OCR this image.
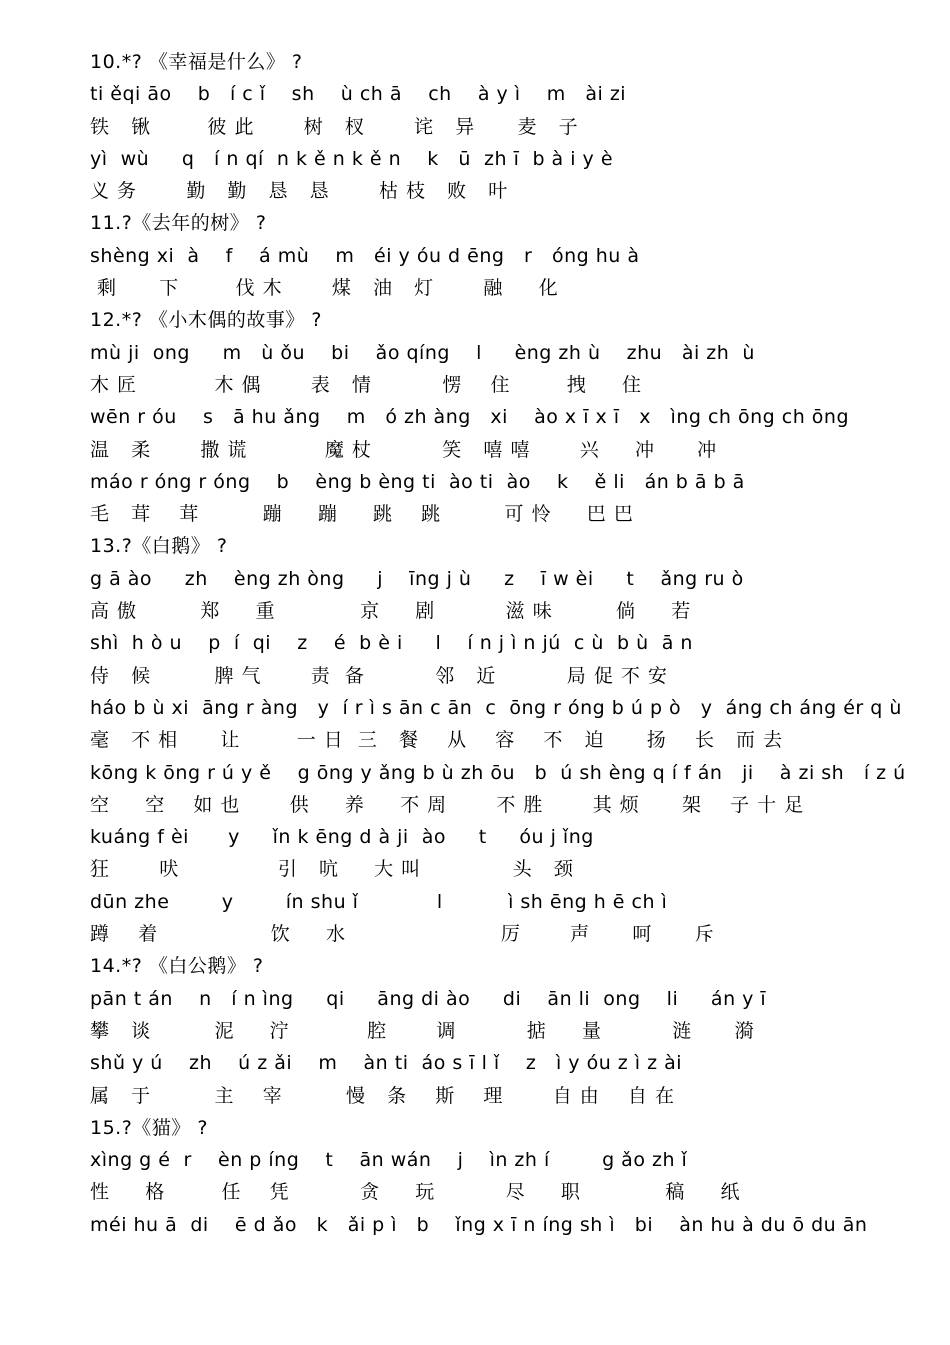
10.*? 《幸福是什么》 ?
ti ěqi āo    b   í c ǐ    sh    ù ch ā    ch    à y ì    m   ài zi
铁   锹        彼 此       树   杈       诧   异      麦   子
yì  wù     q   í n qí  n k ě n k ě n    k   ū  zh ī  b à i y è
义 务       勤   勤   恳   恳       枯 枝   败   叶
11.?《去年的树》 ?
shèng xi  à    f    á mù    m   éi y óu d ēng   r   óng hu à
剩      下        伐 木       煤   油   灯       融     化
12.*? 《小木偶的故事》 ?
mù ji  ong     m   ù ǒu    bi    ǎo qíng    l     èng zh ù    zhu   ài zh  ù
木 匠           木 偶       表   情          愣    住        拽     住
wēn r óu    s   ā hu ǎng    m   ó zh àng   xi    ào x ī x ī   x   ìng ch ōng ch ōng
温   柔       撒 谎           魔 杖          笑   嘻 嘻       兴     冲      冲
máo r óng r óng    b    èng b èng ti  ào ti  ào    k    ě li   án b ā b ā
毛   茸    茸         蹦     蹦     跳    跳         可 怜     巴 巴
13.?《白鹅》 ?
g ā ào     zh    èng zh òng     j    īng j ù     z    ī w èi     t    ǎng ru ò
高 傲         郑     重            京     剧          滋 味         倘     若
shì  h ò u    p  í  qi    z    é  b è i     l    í n j ì n jú  c ù  b ù  ā n
侍   候         脾 气       责  备          邻   近          局 促 不 安
háo b ù xi  āng r àng   y  í r ì s ān c ān  c  ōng r óng b ú p ò   y  áng ch áng ér q ù
毫   不 相      让        一 日  三   餐    从    容    不   迫      扬    长   而 去
kōng k ōng r ú y ě    g ōng y ǎng b ù zh ōu   b  ú sh èng q í f án   ji    à zi sh   í z ú
空     空    如 也       供     养     不 周       不 胜       其 烦      架    子 十 足
kuáng f èi      y     ǐn k ēng d à ji  ào     t     óu j ǐng
狂       吠              引   吭     大 叫             头   颈
dūn zhe        y        ín shu ǐ            l          ì sh ēng h ē ch ì
蹲    着                饮     水                      厉       声      呵      斥
14.*? 《白公鹅》 ?
pān t án    n   í n ìng     qi     āng di ào     di    ān li  ong    li     án y ī
攀   谈         泥     泞           腔       调          掂     量          涟      漪
shǔ y ú    zh    ú z ǎi    m    àn ti  áo s ī l ǐ    z   ì y óu z ì z ài
属   于         主    宰         慢   条    斯    理       自 由    自 在
15.?《猫》 ?
xìng g é  r    èn p íng    t    ān wán    j    ìn zh í        g ǎo zh ǐ
性     格        任    凭          贪     玩          尽     职            稿     纸
méi hu ā  di    ē d ǎo   k   ǎi p ì   b    ǐng x ī n íng sh ì   bi    àn hu à du ō du ān
